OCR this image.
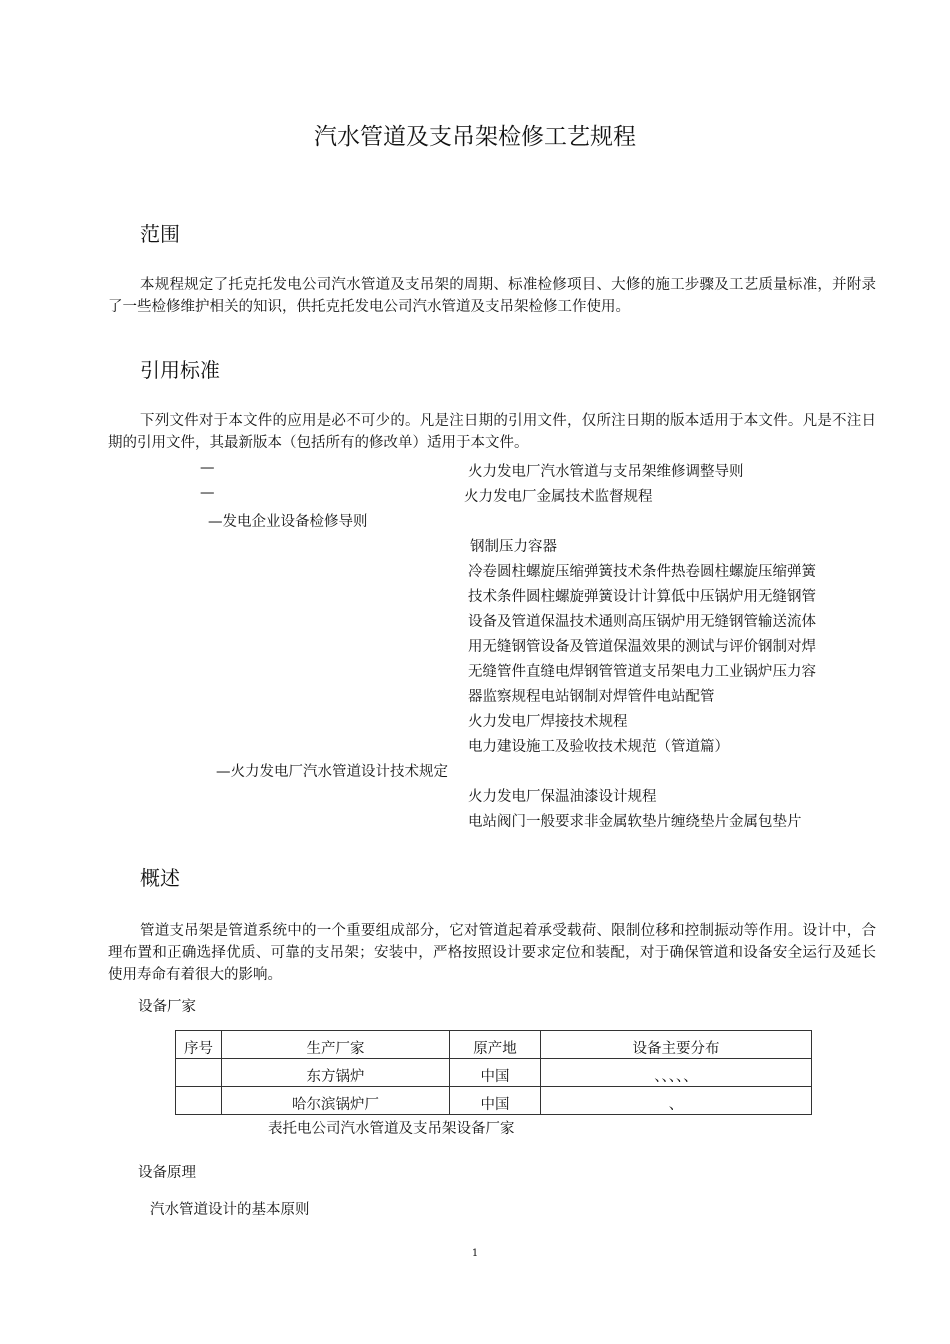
汽水管道及支吊架检修工艺规程
范围
本规程规定了托克托发电公司汽水管道及支吊架的周期、标准检修项目、大修的施工步骤及工艺质量标准，并附录了一些检修维护相关的知识，供托克托发电公司汽水管道及支吊架检修工作使用。
引用标准
下列文件对于本文件的应用是必不可少的。凡是注日期的引用文件，仅所注日期的版本适用于本文件。凡是不注日期的引用文件，其最新版本（包括所有的修改单）适用于本文件。
—	火力发电厂汽水管道与支吊架维修调整导则
—	火力发电厂金属技术监督规程
—发电企业设备检修导则
钢制压力容器
冷卷圆柱螺旋压缩弹簧技术条件热卷圆柱螺旋压缩弹簧
技术条件圆柱螺旋弹簧设计计算低中压锅炉用无缝钢管
设备及管道保温技术通则高压锅炉用无缝钢管输送流体
用无缝钢管设备及管道保温效果的测试与评价钢制对焊
无缝管件直缝电焊钢管管道支吊架电力工业锅炉压力容
器监察规程电站钢制对焊管件电站配管
火力发电厂焊接技术规程
电力建设施工及验收技术规范（管道篇）
—火力发电厂汽水管道设计技术规定
火力发电厂保温油漆设计规程
电站阀门一般要求非金属软垫片缠绕垫片金属包垫片
概述
管道支吊架是管道系统中的一个重要组成部分，它对管道起着承受载荷、限制位移和控制振动等作用。设计中，合理布置和正确选择优质、可靠的支吊架；安装中，严格按照设计要求定位和装配，对于确保管道和设备安全运行及延长使用寿命有着很大的影响。
设备厂家
序号	生产厂家	原产地	设备主要分布
	东方锅炉	中国	、、、、、
	哈尔滨锅炉厂	中国	、
表托电公司汽水管道及支吊架设备厂家
设备原理
汽水管道设计的基本原则
1
